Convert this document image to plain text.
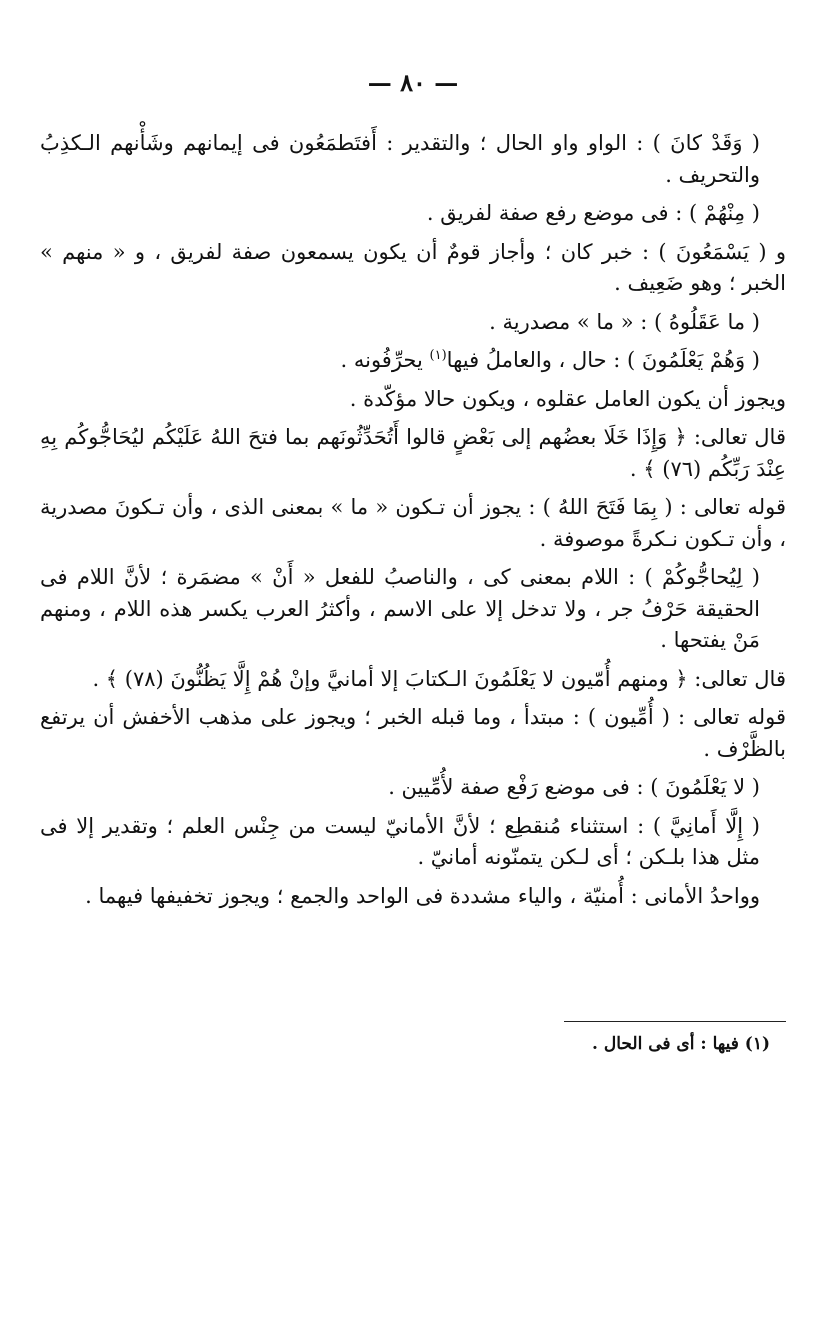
— ٨٠ —

( وَقَدْ كانَ ) : الواو واو الحال ؛ والتقدير : أَفتَطمَعُون فى إيمانهم وشَأْنهم الـكذِبُ والتحريف .

( مِنْهُمْ ) : فى موضع رفع صفة لفريق .

و ( يَسْمَعُونَ ) : خبر كان ؛ وأجاز قومٌ أن يكون يسمعون صفة لفريق ، و « منهم » الخبر ؛ وهو ضَعِيف .

( ما عَقَلُوهُ ) : « ما » مصدرية .

( وَهُمْ يَعْلَمُونَ ) : حال ، والعاملُ فيها$^{(١)}$ يحرِّفُونه .

ويجوز أن يكون العامل عقلوه ، ويكون حالا مؤكّدة .

قال تعالى: ﴿ وَإِذَا خَلَا بعضُهم إلى بَعْضٍ قالوا أَتُحَدِّثُونَهم بما فتحَ اللهُ عَلَيْكُم ليُحَاجُّوكُم بِهِ عِنْدَ رَبِّكُم (٧٦) ﴾ .

قوله تعالى : ( بِمَا فَتَحَ اللهُ ) : يجوز أن تـكون « ما » بمعنى الذى ، وأن تـكونَ مصدرية ، وأن تـكون نـكرةً موصوفة .

( لِيُحاجُّوكُمْ ) : اللام بمعنى كى ، والناصبُ للفعل « أَنْ » مضمَرة ؛ لأنَّ اللام فى الحقيقة حَرْفُ جر ، ولا تدخل إلا على الاسم ، وأكثرُ العرب يكسر هذه اللام ، ومنهم مَنْ يفتحها .

قال تعالى: ﴿ ومنهم أُمّيون لا يَعْلَمُونَ الـكتابَ إلا أمانيَّ وإنْ هُمْ إِلَّا يَظُنُّونَ (٧٨) ﴾ .

قوله تعالى : ( أُمِّيون ) : مبتدأ ، وما قبله الخبر ؛ ويجوز على مذهب الأخفش أن يرتفع بالظَّرْف .

( لا يَعْلَمُونَ ) : فى موضع رَفْع صفة لأُمِّيين .

( إِلَّا أَمانِيَّ ) : استثناء مُنقطِع ؛ لأنَّ الأمانيّ ليست من جِنْس العلم ؛ وتقدير إلا فى مثل هذا بلـكن ؛ أى لـكن يتمنّونه أمانيّ .

وواحدُ الأمانى : أُمنيّة ، والياء مشددة فى الواحد والجمع ؛ ويجوز تخفيفها فيهما .

(١) فيها : أى فى الحال .
